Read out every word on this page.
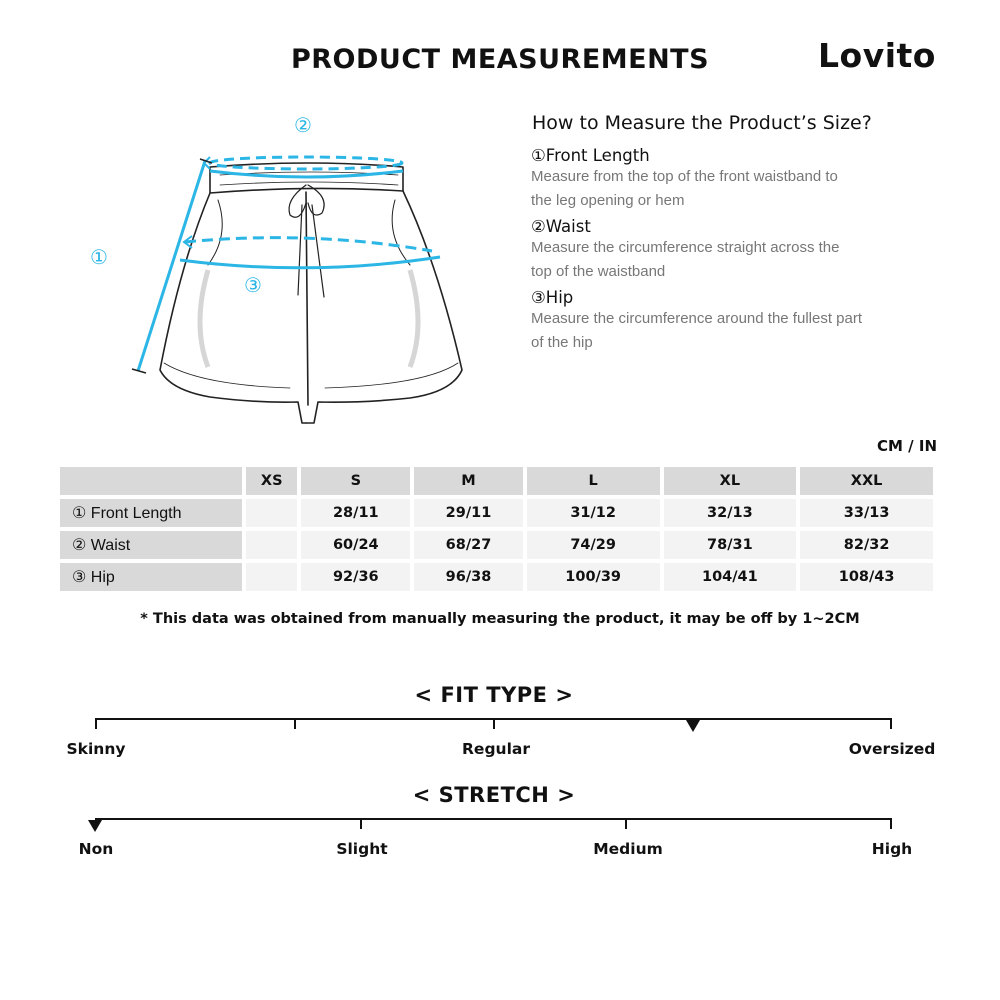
PRODUCT MEASUREMENTS	Lovito
②
①
③
How to Measure the Product’s Size?
①Front Length
Measure from the top of the front waistband to
the leg opening or hem
②Waist
Measure the circumference straight across the
top of the waistband
③Hip
Measure the circumference around the fullest part
of the hip
CM / IN
	XS	S	M	L	XL	XXL
① Front Length		28/11	29/11	31/12	32/13	33/13
② Waist		60/24	68/27	74/29	78/31	82/32
③ Hip		92/36	96/38	100/39	104/41	108/43
* This data was obtained from manually measuring the product, it may be off by 1~2CM
< FIT TYPE >
Skinny	Regular	Oversized
< STRETCH >
Non	Slight	Medium	High
